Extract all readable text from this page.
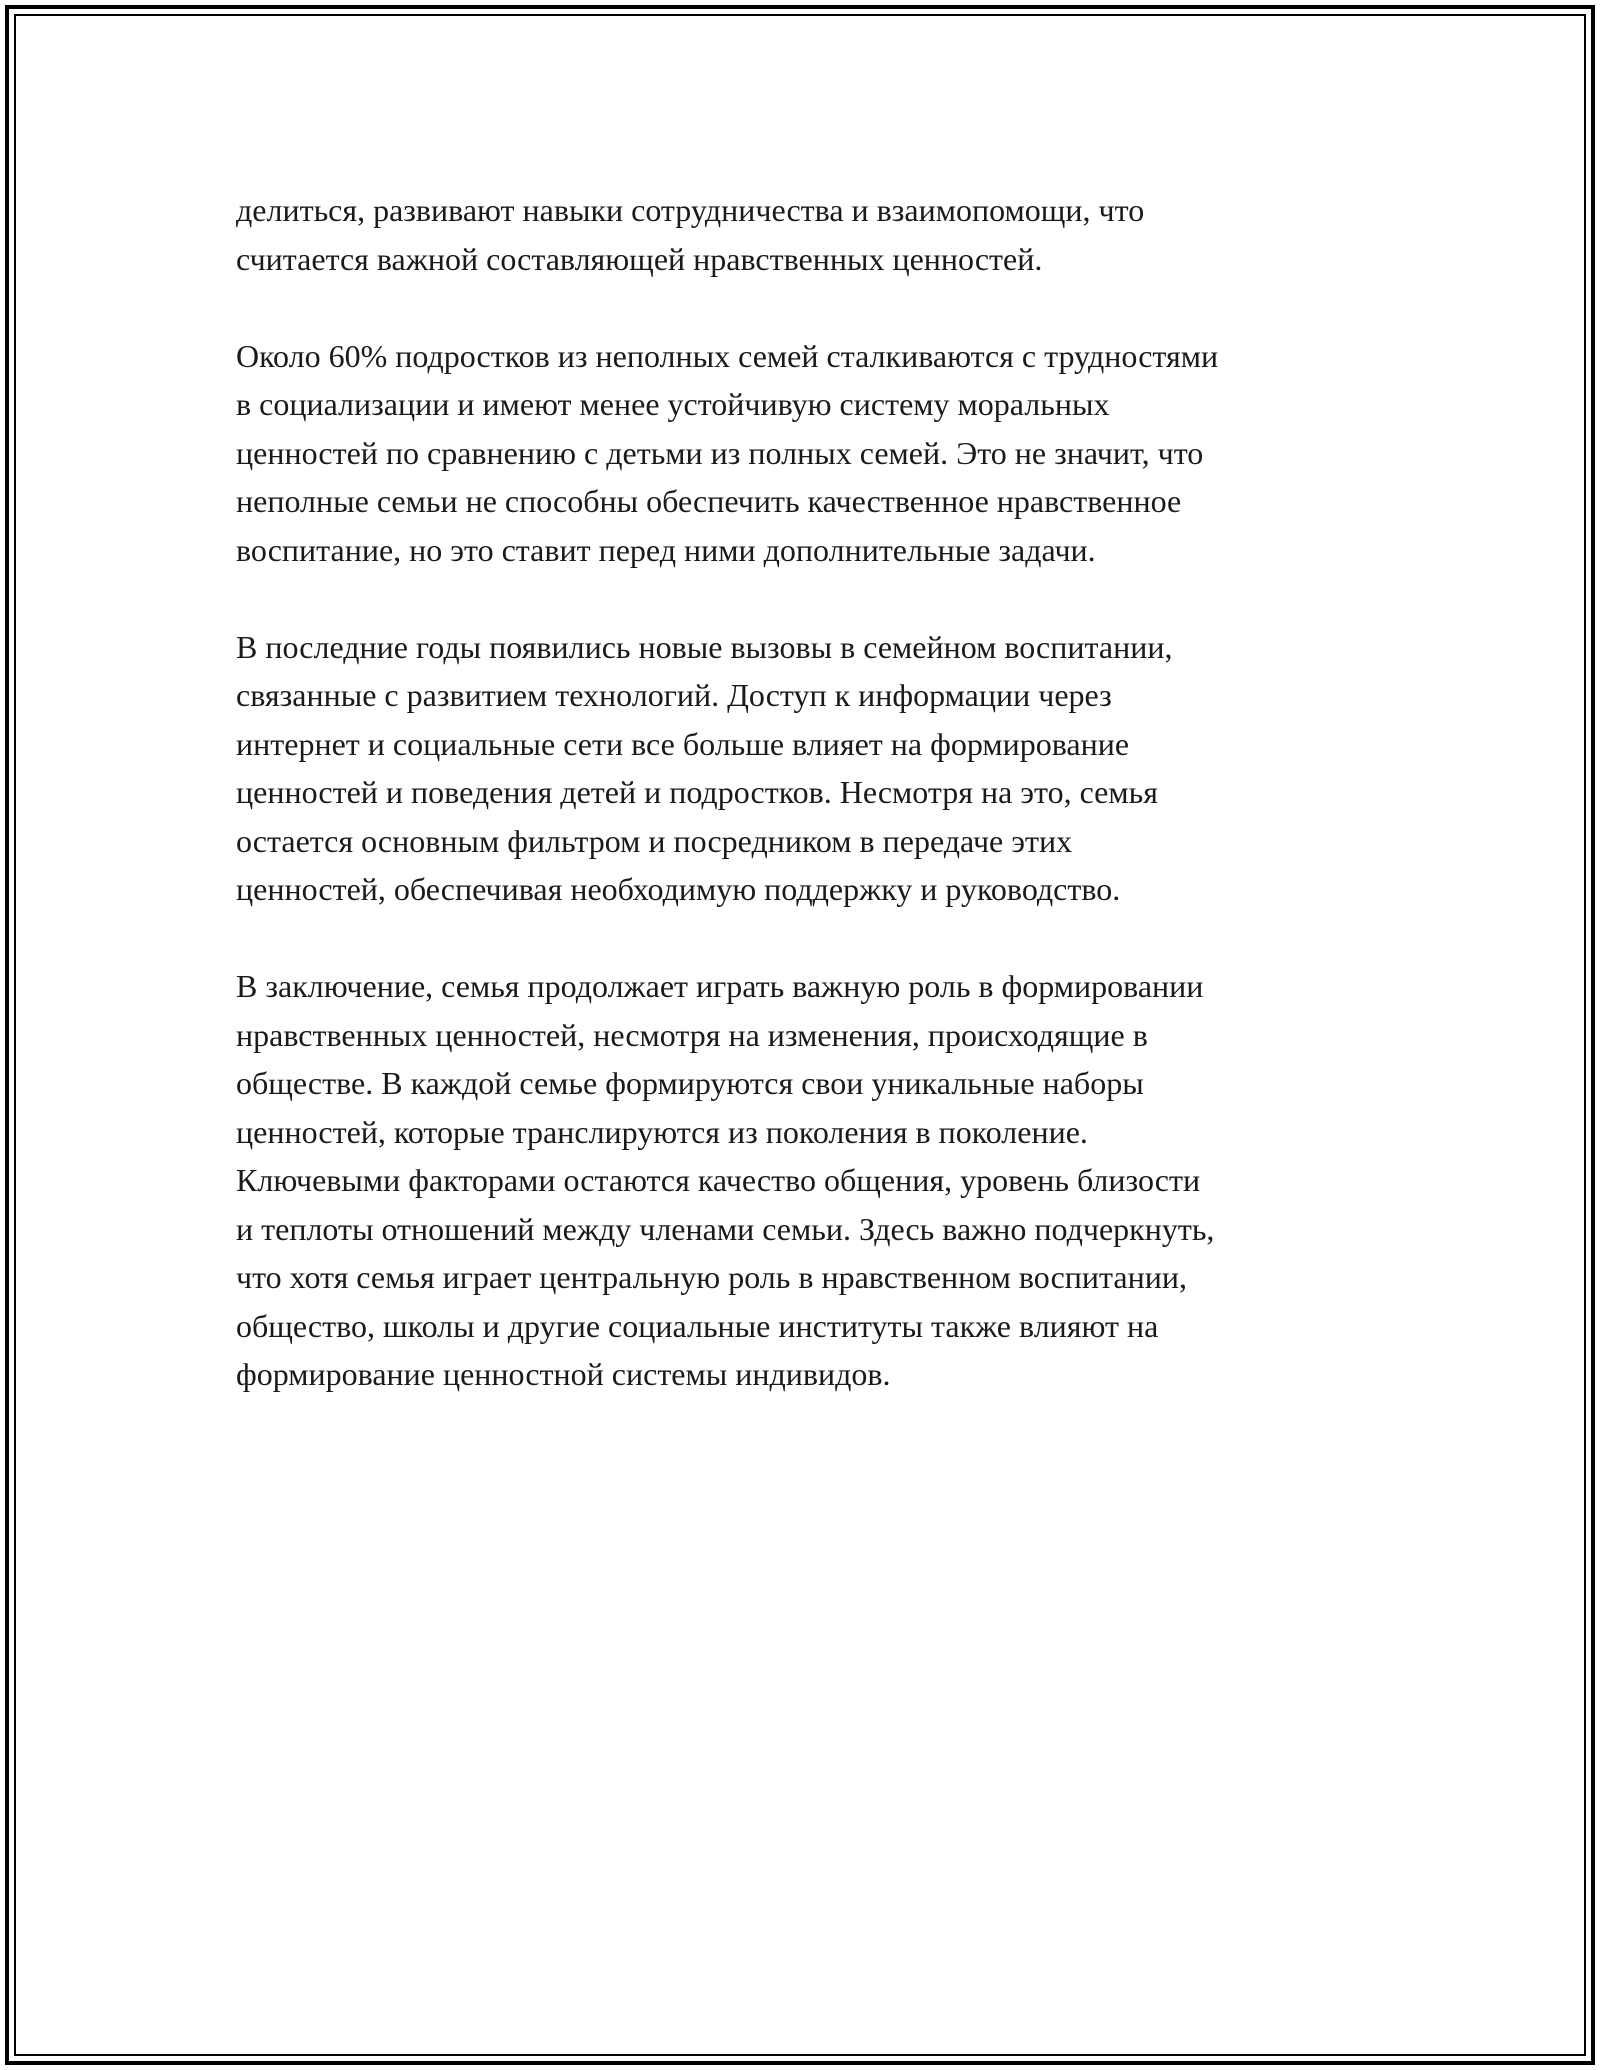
делиться, развивают навыки сотрудничества и взаимопомощи, что
считается важной составляющей нравственных ценностей.

Около 60% подростков из неполных семей сталкиваются с трудностями
в социализации и имеют менее устойчивую систему моральных
ценностей по сравнению с детьми из полных семей. Это не значит, что
неполные семьи не способны обеспечить качественное нравственное
воспитание, но это ставит перед ними дополнительные задачи.

В последние годы появились новые вызовы в семейном воспитании,
связанные с развитием технологий. Доступ к информации через
интернет и социальные сети все больше влияет на формирование
ценностей и поведения детей и подростков. Несмотря на это, семья
остается основным фильтром и посредником в передаче этих
ценностей, обеспечивая необходимую поддержку и руководство.

В заключение, семья продолжает играть важную роль в формировании
нравственных ценностей, несмотря на изменения, происходящие в
обществе. В каждой семье формируются свои уникальные наборы
ценностей, которые транслируются из поколения в поколение.
Ключевыми факторами остаются качество общения, уровень близости
и теплоты отношений между членами семьи. Здесь важно подчеркнуть,
что хотя семья играет центральную роль в нравственном воспитании,
общество, школы и другие социальные институты также влияют на
формирование ценностной системы индивидов.
